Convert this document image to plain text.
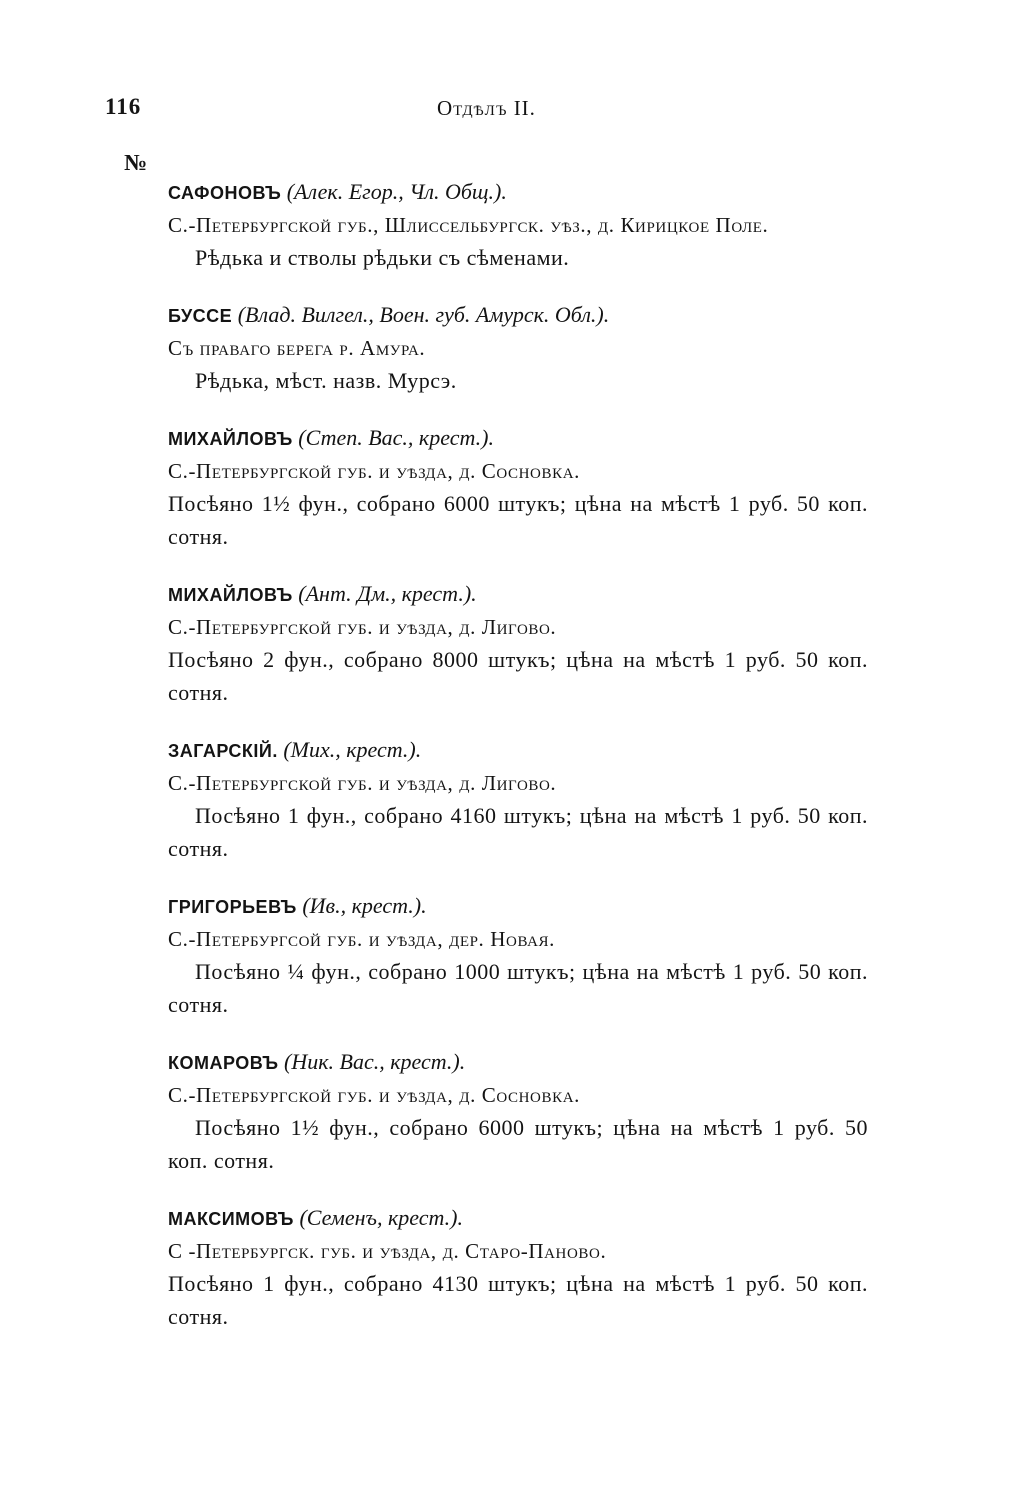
116	Отдѣлъ II.
№
САФОНОВЪ (Алек. Егор., Чл. Общ.).
С.-Петербургской губ., Шлиссельбургск. уѣз., д. Кирицкое Поле.
Рѣдька и стволы рѣдьки съ сѣменами.
БУССЕ (Влад. Вилгел., Воен. губ. Амурск. Обл.).
Съ праваго берега р. Амура.
Рѣдька, мѣст. назв. Мурсэ.
МИХАЙЛОВЪ (Степ. Вас., крест.).
С.-Петербургской губ. и уѣзда, д. Сосновка.
Посѣяно 1½ фун., собрано 6000 штукъ; цѣна на мѣстѣ 1 руб. 50 коп. сотня.
МИХАЙЛОВЪ (Ант. Дм., крест.).
С.-Петербургской губ. и уѣзда, д. Лигово.
Посѣяно 2 фун., собрано 8000 штукъ; цѣна на мѣстѣ 1 руб. 50 коп. сотня.
ЗАГАРСКІЙ. (Мих., крест.).
С.-Петербургской губ. и уѣзда, д. Лигово.
Посѣяно 1 фун., собрано 4160 штукъ; цѣна на мѣстѣ 1 руб. 50 коп. сотня.
ГРИГОРЬЕВЪ (Ив., крест.).
С.-Петербургсой губ. и уѣзда, дер. Новая.
Посѣяно ¼ фун., собрано 1000 штукъ; цѣна на мѣстѣ 1 руб. 50 коп. сотня.
КОМАРОВЪ (Ник. Вас., крест.).
С.-Петербургской губ. и уѣзда, д. Сосновка.
Посѣяно 1½ фун., собрано 6000 штукъ; цѣна на мѣстѣ 1 руб. 50 коп. сотня.
МАКСИМОВЪ (Семенъ, крест.).
С -Петербургск. губ. и уѣзда, д. Старо-Паново.
Посѣяно 1 фун., собрано 4130 штукъ; цѣна на мѣстѣ 1 руб. 50 коп. сотня.
